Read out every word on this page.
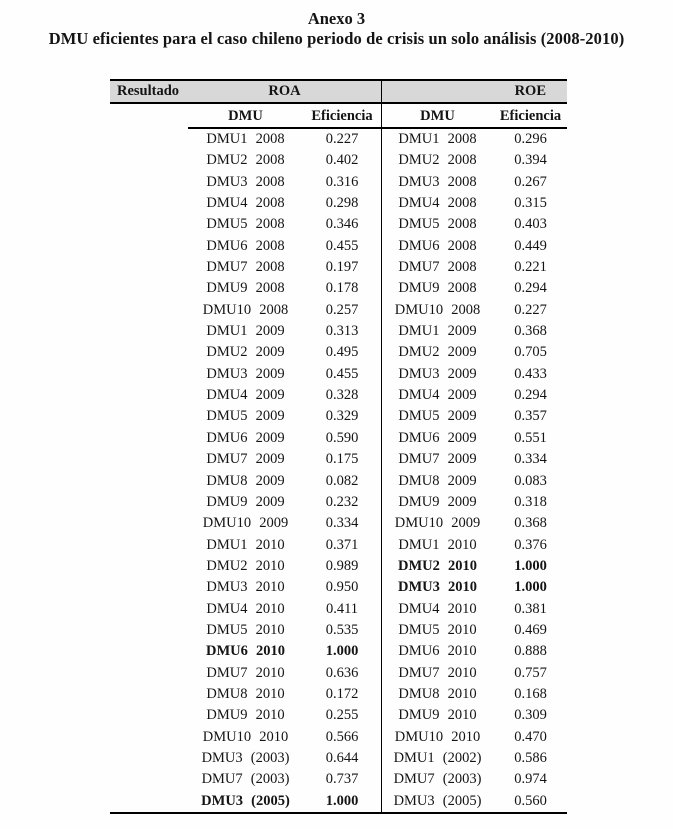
Anexo 3
DMU eficientes para el caso chileno periodo de crisis un solo análisis (2008-2010)
Resultado	ROA	ROE
DMU	Eficiencia	DMU	Eficiencia
DMU1 2008	0.227	DMU1 2008	0.296
DMU2 2008	0.402	DMU2 2008	0.394
DMU3 2008	0.316	DMU3 2008	0.267
DMU4 2008	0.298	DMU4 2008	0.315
DMU5 2008	0.346	DMU5 2008	0.403
DMU6 2008	0.455	DMU6 2008	0.449
DMU7 2008	0.197	DMU7 2008	0.221
DMU9 2008	0.178	DMU9 2008	0.294
DMU10 2008	0.257	DMU10 2008	0.227
DMU1 2009	0.313	DMU1 2009	0.368
DMU2 2009	0.495	DMU2 2009	0.705
DMU3 2009	0.455	DMU3 2009	0.433
DMU4 2009	0.328	DMU4 2009	0.294
DMU5 2009	0.329	DMU5 2009	0.357
DMU6 2009	0.590	DMU6 2009	0.551
DMU7 2009	0.175	DMU7 2009	0.334
DMU8 2009	0.082	DMU8 2009	0.083
DMU9 2009	0.232	DMU9 2009	0.318
DMU10 2009	0.334	DMU10 2009	0.368
DMU1 2010	0.371	DMU1 2010	0.376
DMU2 2010	0.989	DMU2 2010	1.000
DMU3 2010	0.950	DMU3 2010	1.000
DMU4 2010	0.411	DMU4 2010	0.381
DMU5 2010	0.535	DMU5 2010	0.469
DMU6 2010	1.000	DMU6 2010	0.888
DMU7 2010	0.636	DMU7 2010	0.757
DMU8 2010	0.172	DMU8 2010	0.168
DMU9 2010	0.255	DMU9 2010	0.309
DMU10 2010	0.566	DMU10 2010	0.470
DMU3 (2003)	0.644	DMU1 (2002)	0.586
DMU7 (2003)	0.737	DMU7 (2003)	0.974
DMU3 (2005)	1.000	DMU3 (2005)	0.560
